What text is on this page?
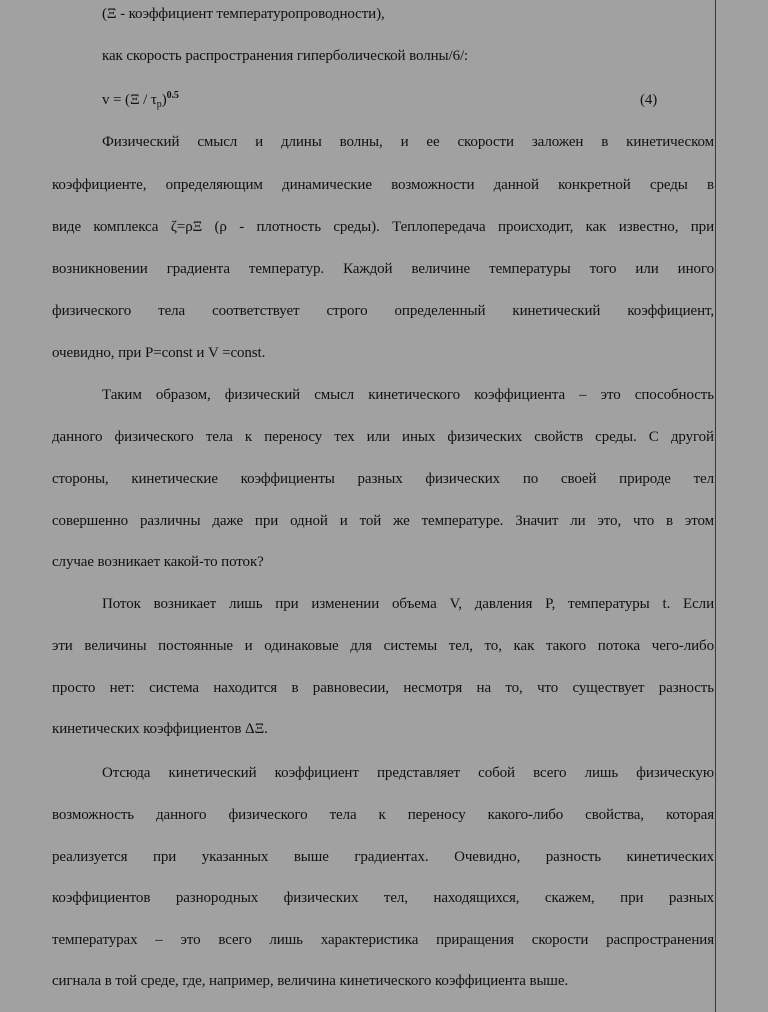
(Ξ - коэффициент температуропроводности),
как скорость распространения гиперболической волны/6/:
$v = (\Xi / \tau_p)^{0.5}$	(4)
Физический смысл и длины волны, и ее скорости заложен в кинетическом
коэффициенте, определяющим динамические возможности данной конкретной среды в
виде комплекса ζ=ρΞ (ρ - плотность среды). Теплопередача происходит, как известно, при
возникновении градиента температур. Каждой величине температуры того или иного
физического тела соответствует строго определенный кинетический коэффициент,
очевидно, при P=const и V =const.
Таким образом, физический смысл кинетического коэффициента – это способность
данного физического тела к переносу тех или иных физических свойств среды. С другой
стороны, кинетические коэффициенты разных физических по своей природе тел
совершенно различны даже при одной и той же температуре. Значит ли это, что в этом
случае возникает какой-то поток?
Поток возникает лишь при изменении объема V, давления P, температуры t. Если
эти величины постоянные и одинаковые для системы тел, то, как такого потока чего-либо
просто нет: система находится в равновесии, несмотря на то, что существует разность
кинетических коэффициентов ΔΞ.
Отсюда кинетический коэффициент представляет собой всего лишь физическую
возможность данного физического тела к переносу какого-либо свойства, которая
реализуется при указанных выше градиентах. Очевидно, разность кинетических
коэффициентов разнородных физических тел, находящихся, скажем, при разных
температурах – это всего лишь характеристика приращения скорости распространения
сигнала в той среде, где, например, величина кинетического коэффициента выше.
